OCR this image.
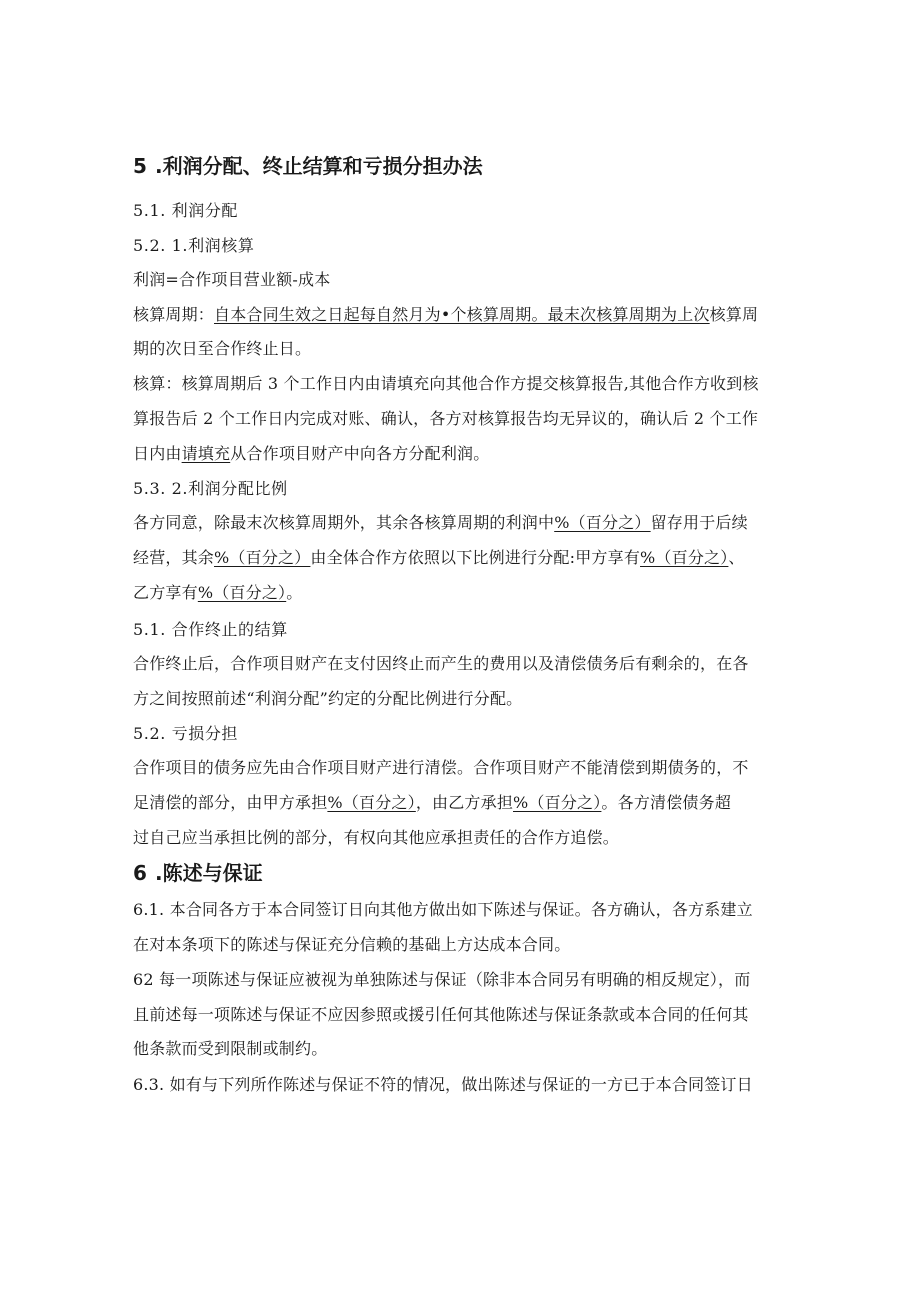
5 .利润分配、终止结算和亏损分担办法
5.1. 利润分配
5.2. 1.利润核算
利润=合作项目营业额-成本
核算周期：自本合同生效之日起每自然月为•个核算周期。最末次核算周期为上次核算周
期的次日至合作终止日。
核算：核算周期后 3 个工作日内由请填充向其他合作方提交核算报告,其他合作方收到核
算报告后 2 个工作日内完成对账、确认，各方对核算报告均无异议的，确认后 2 个工作
日内由请填充从合作项目财产中向各方分配利润。
5.3. 2.利润分配比例
各方同意，除最末次核算周期外，其余各核算周期的利润中%（百分之）留存用于后续
经营，其余%（百分之）由全体合作方依照以下比例进行分配:甲方享有%（百分之）、
乙方享有%（百分之）。
5.1. 合作终止的结算
合作终止后，合作项目财产在支付因终止而产生的费用以及清偿债务后有剩余的，在各
方之间按照前述“利润分配”约定的分配比例进行分配。
5.2. 亏损分担
合作项目的债务应先由合作项目财产进行清偿。合作项目财产不能清偿到期债务的，不
足清偿的部分，由甲方承担%（百分之），由乙方承担%（百分之）。各方清偿债务超
过自己应当承担比例的部分，有权向其他应承担责任的合作方追偿。
6 .陈述与保证
6.1. 本合同各方于本合同签订日向其他方做出如下陈述与保证。各方确认，各方系建立
在对本条项下的陈述与保证充分信赖的基础上方达成本合同。
62 每一项陈述与保证应被视为单独陈述与保证（除非本合同另有明确的相反规定），而
且前述每一项陈述与保证不应因参照或援引任何其他陈述与保证条款或本合同的任何其
他条款而受到限制或制约。
6.3. 如有与下列所作陈述与保证不符的情况，做出陈述与保证的一方已于本合同签订日
